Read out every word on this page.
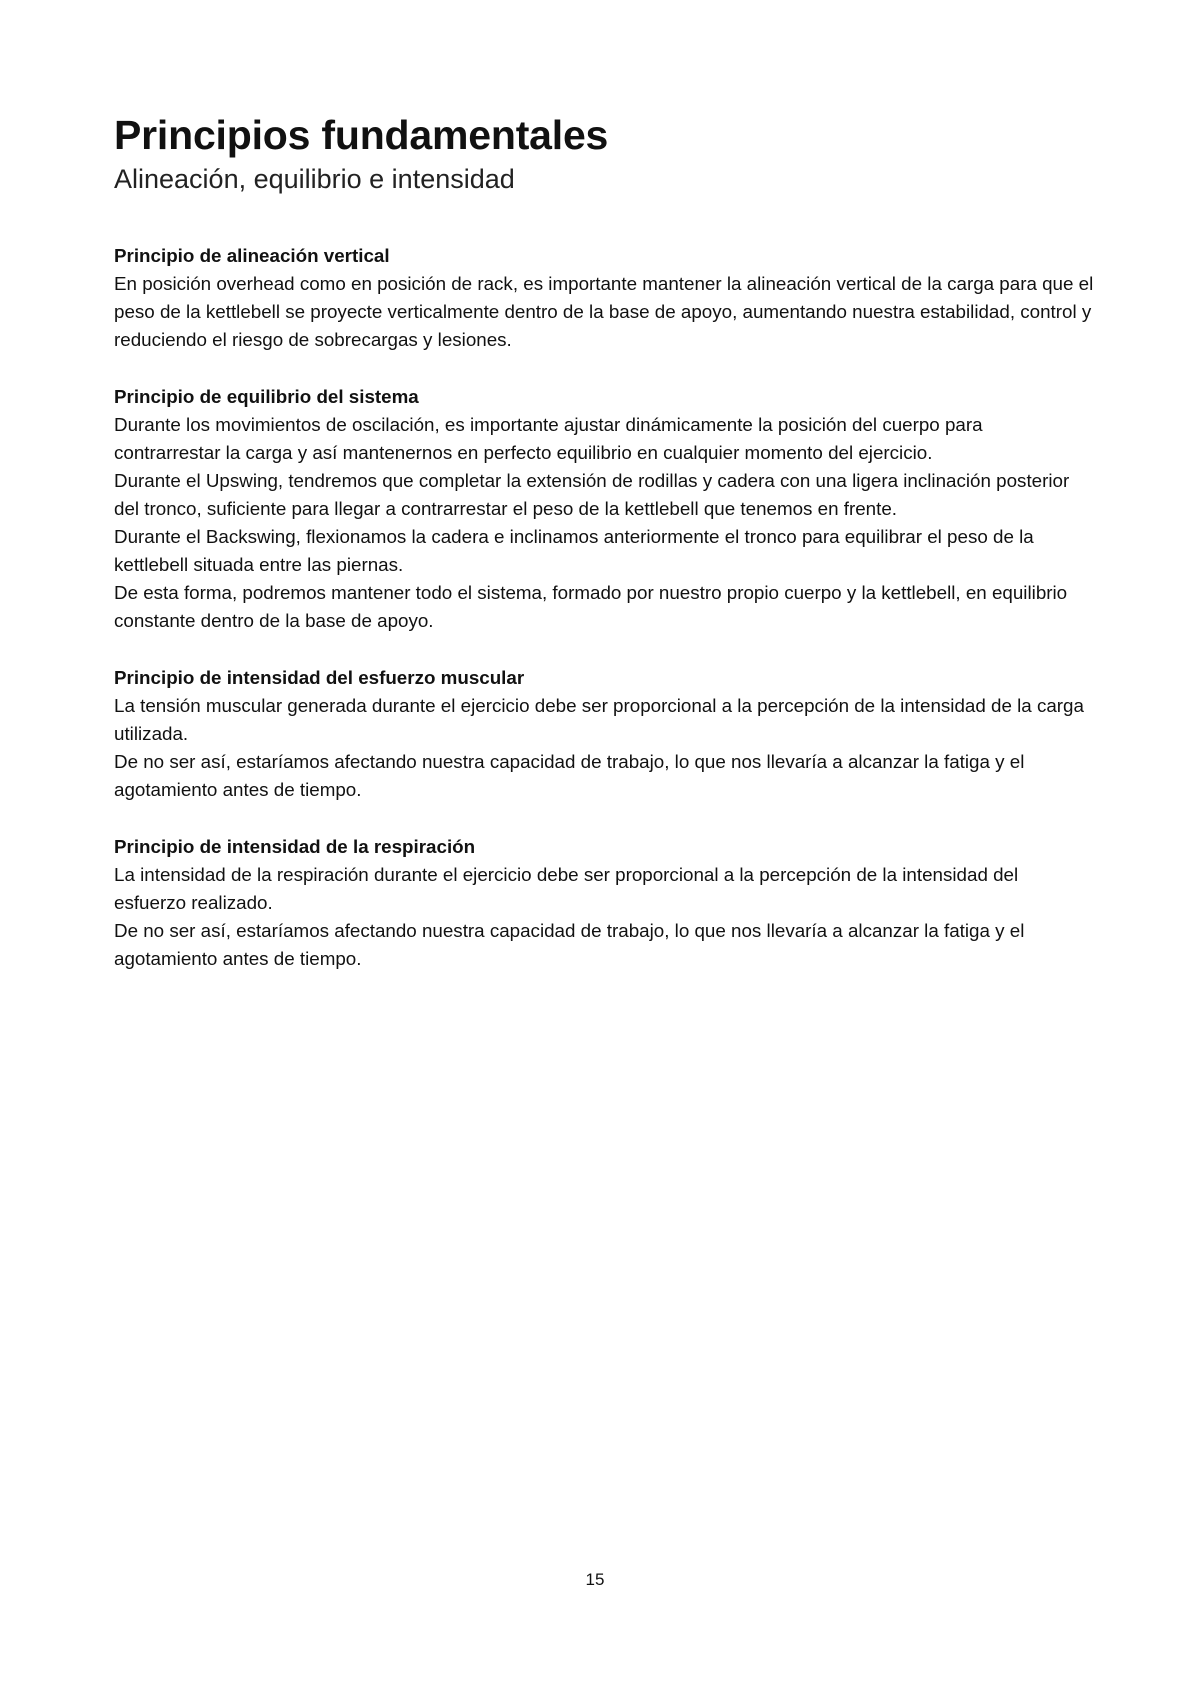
Principios fundamentales
Alineación, equilibrio e intensidad

Principio de alineación vertical

En posición overhead como en posición de rack, es importante mantener la alineación vertical de la carga para que el peso de la kettlebell se proyecte verticalmente dentro de la base de apoyo, aumentando nuestra estabilidad, control y reduciendo el riesgo de sobrecargas y lesiones.

Principio de equilibrio del sistema

Durante los movimientos de oscilación, es importante ajustar dinámicamente la posición del cuerpo para contrarrestar la carga y así mantenernos en perfecto equilibrio en cualquier momento del ejercicio.

Durante el Upswing, tendremos que completar la extensión de rodillas y cadera con una ligera inclinación posterior del tronco, suficiente para llegar a contrarrestar el peso de la kettlebell que tenemos en frente.

Durante el Backswing, flexionamos la cadera e inclinamos anteriormente el tronco para equilibrar el peso de la kettlebell situada entre las piernas.

De esta forma, podremos mantener todo el sistema, formado por nuestro propio cuerpo y la kettlebell, en equilibrio constante dentro de la base de apoyo.

Principio de intensidad del esfuerzo muscular

La tensión muscular generada durante el ejercicio debe ser proporcional a la percepción de la intensidad de la carga utilizada.

De no ser así, estaríamos afectando nuestra capacidad de trabajo, lo que nos llevaría a alcanzar la fatiga y el agotamiento antes de tiempo.

Principio de intensidad de la respiración

La intensidad de la respiración durante el ejercicio debe ser proporcional a la percepción de la intensidad del esfuerzo realizado.

De no ser así, estaríamos afectando nuestra capacidad de trabajo, lo que nos llevaría a alcanzar la fatiga y el agotamiento antes de tiempo.

15
